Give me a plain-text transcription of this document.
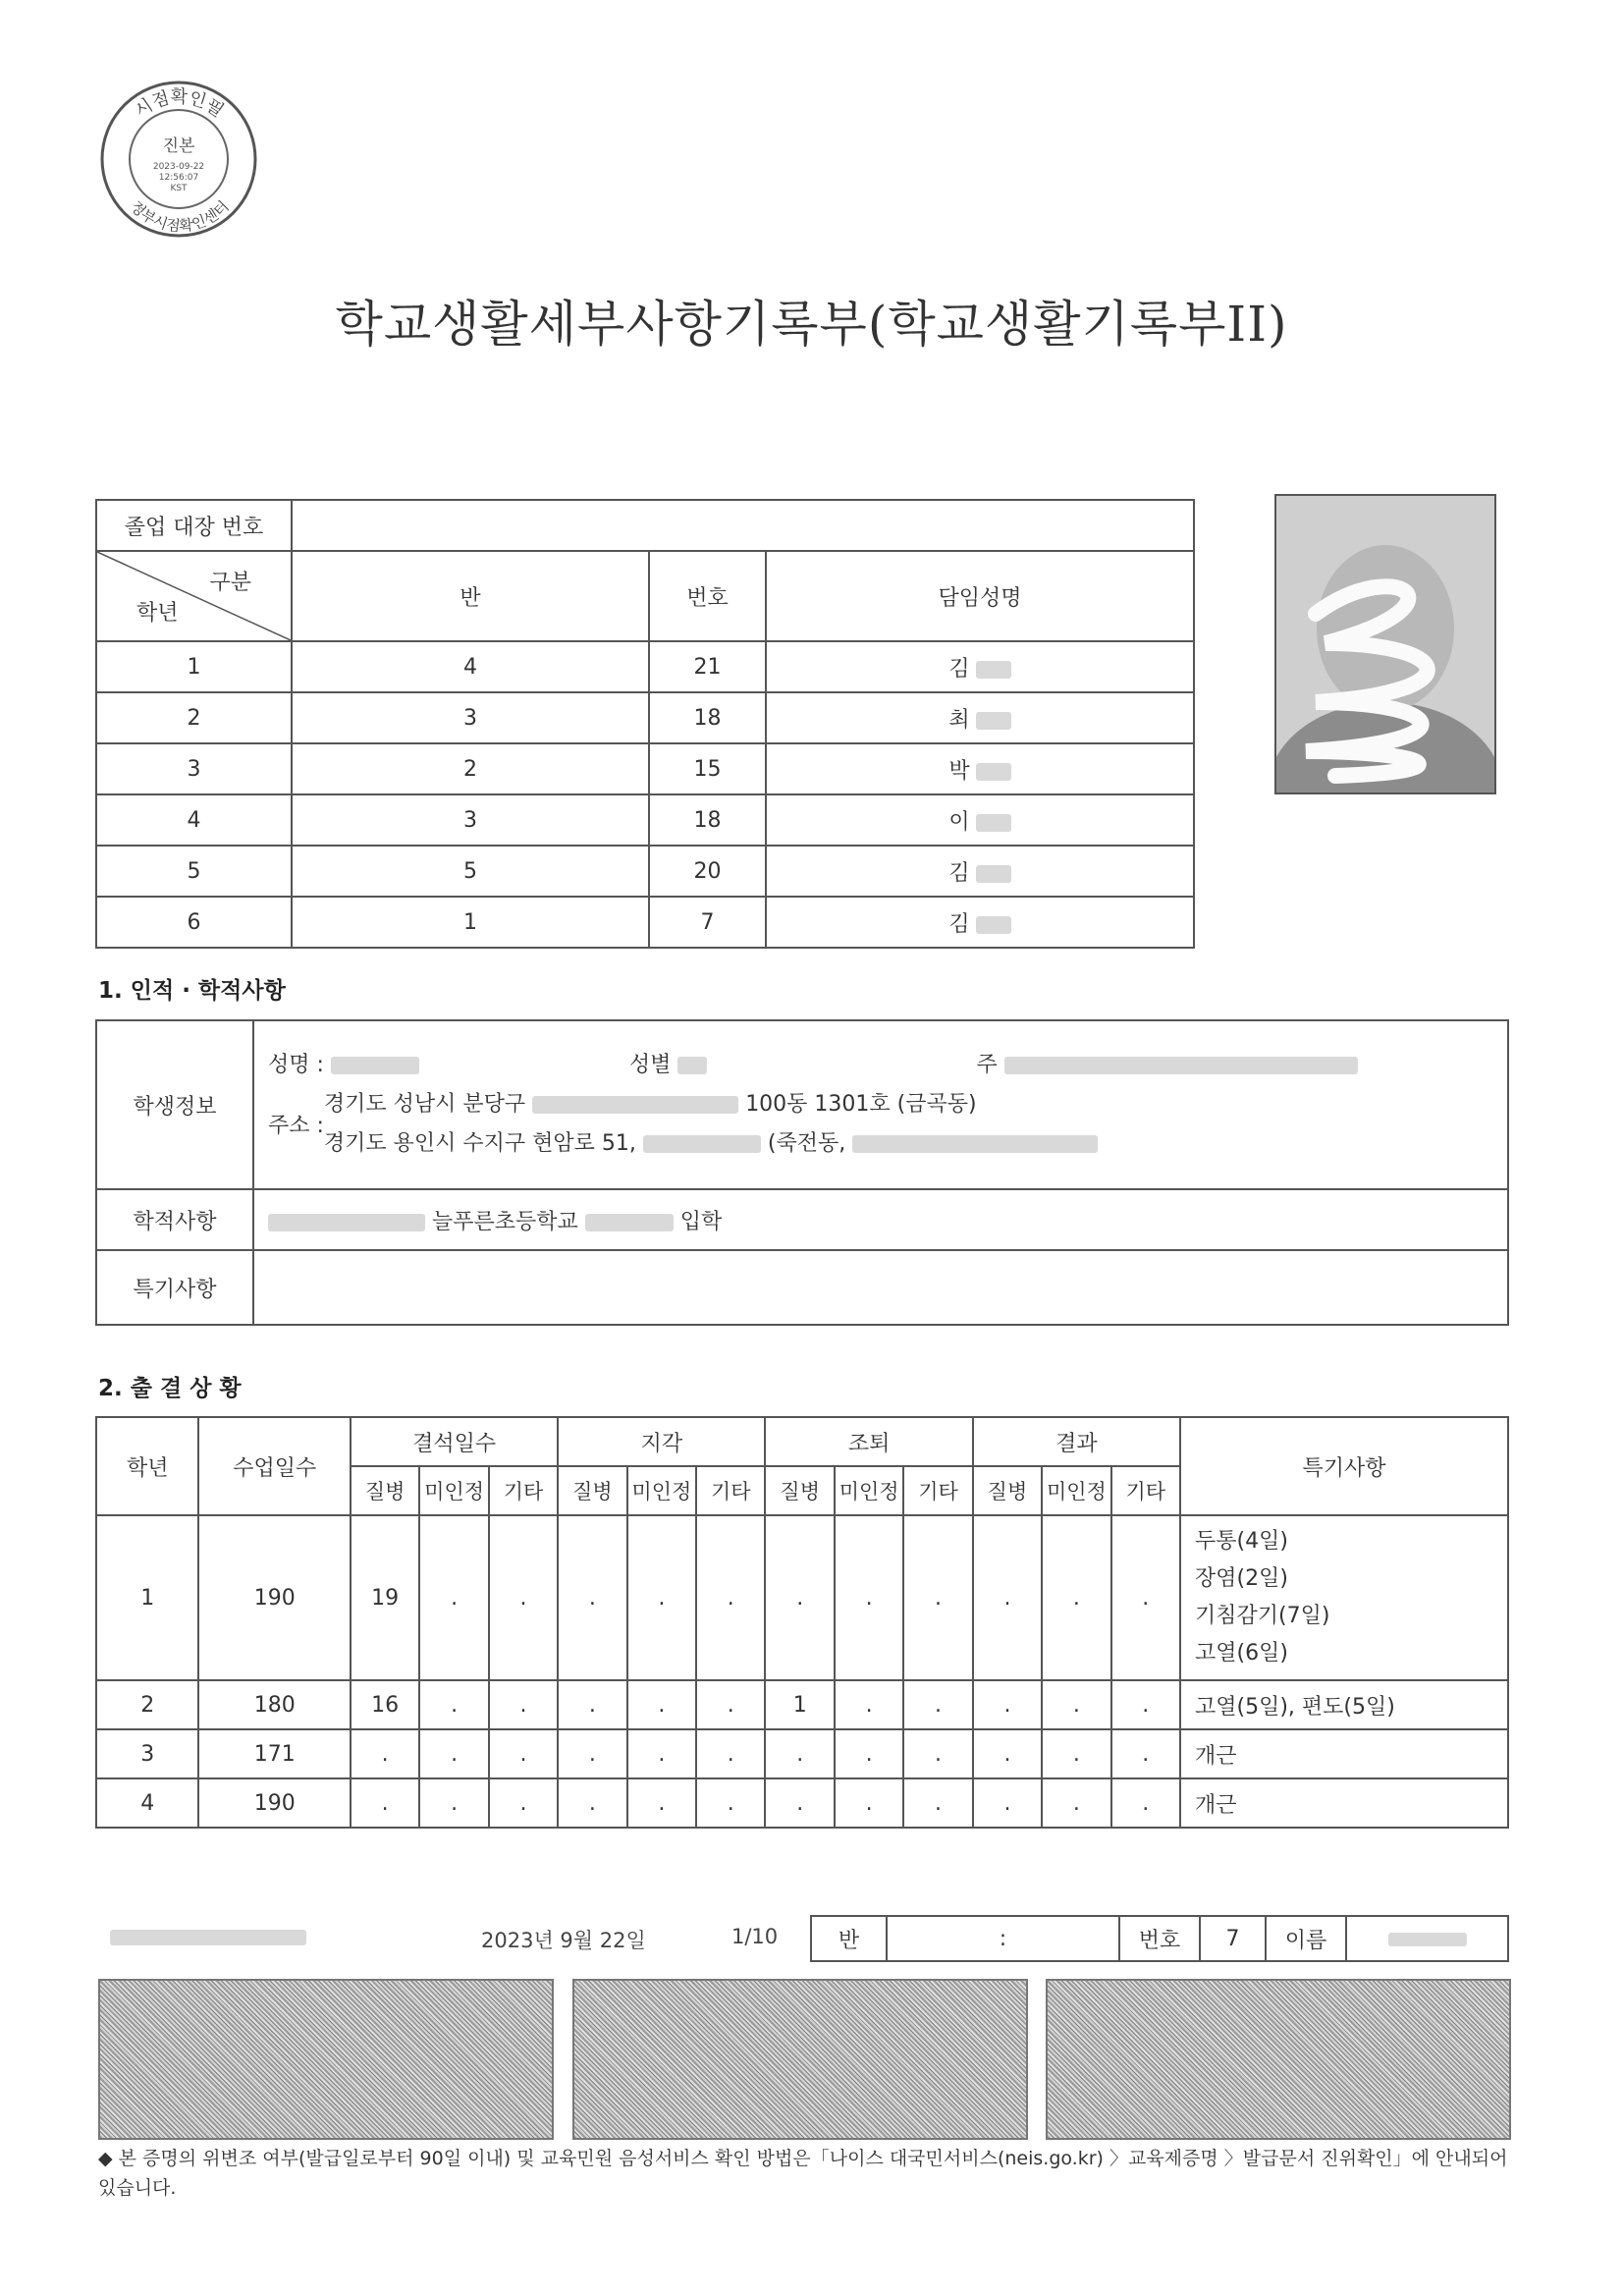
시점확인필
정부시점확인센터
진본
2023-09-22
12:56:07
KST
학교생활세부사항기록부(학교생활기록부II)
졸업 대장 번호			

구분
학년	반	번호	담임성명
1	4	21	김
2	3	18	최
3	2	15	박
4	3	18	이
5	5	20	김
6	1	7	김
1. 인적 · 학적사항
학생정보	성명 : 성별 주
주소 :
경기도 성남시 분당구 100동 1301호 (금곡동)
경기도 용인시 수지구 현암로 51, (죽전동,

학적사항	늘푸른초등학교 입학
특기사항	
2. 출 결 상 황
학년	수업일수	결석일수			지각			조퇴			결과			특기사항
		질병	미인정	기타	질병	미인정	기타	질병	미인정	기타	질병	미인정	기타	
1	190	19	.	.	.	.	.	.	.	.	.	.	.	두통(4일)
장염(2일)
기침감기(7일)
고열(6일)

2	180	16	.	.	.	.	.	1	.	.	.	.	.	고열(5일), 편도(5일)

3	171	.	.	.	.	.	.	.	.	.	.	.	.	개근

4	190	.	.	.	.	.	.	.	.	.	.	.	.	개근
2023년 9월 22일	1/10	반	:	번호	7	이름	
◆ 본 증명의 위변조 여부(발급일로부터 90일 이내) 및 교육민원 음성서비스 확인 방법은「나이스 대국민서비스(neis.go.kr) 〉교육제증명 〉발급문서 진위확인」에 안내되어 있습니다.
